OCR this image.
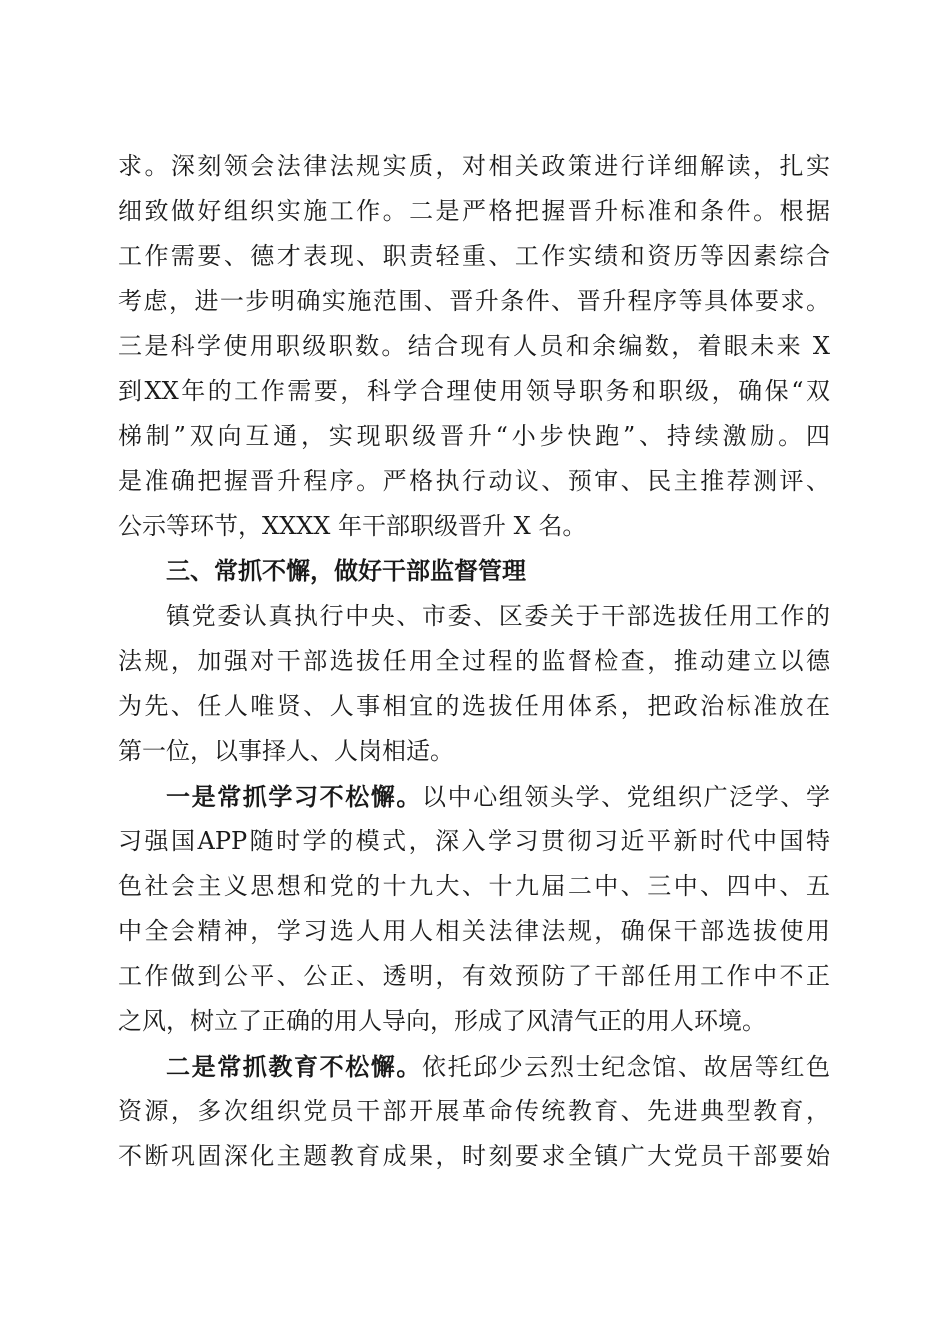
求。深刻领会法律法规实质，对相关政策进行详细解读，扎实
细致做好组织实施工作。二是严格把握晋升标准和条件。根据
工作需要、德才表现、职责轻重、工作实绩和资历等因素综合
考虑，进一步明确实施范围、晋升条件、晋升程序等具体要求。
三是科学使用职级职数。结合现有人员和余编数，着眼未来 X
到XX年的工作需要，科学合理使用领导职务和职级，确保“双
梯制”双向互通，实现职级晋升“小步快跑”、持续激励。四
是准确把握晋升程序。严格执行动议、预审、民主推荐测评、
公示等环节，XXXX 年干部职级晋升 X 名。
三、常抓不懈，做好干部监督管理
镇党委认真执行中央、市委、区委关于干部选拔任用工作的
法规，加强对干部选拔任用全过程的监督检查，推动建立以德
为先、任人唯贤、人事相宜的选拔任用体系，把政治标准放在
第一位，以事择人、人岗相适。
一是常抓学习不松懈。以中心组领头学、党组织广泛学、学
习强国APP随时学的模式，深入学习贯彻习近平新时代中国特
色社会主义思想和党的十九大、十九届二中、三中、四中、五
中全会精神，学习选人用人相关法律法规，确保干部选拔使用
工作做到公平、公正、透明，有效预防了干部任用工作中不正
之风，树立了正确的用人导向，形成了风清气正的用人环境。
二是常抓教育不松懈。依托邱少云烈士纪念馆、故居等红色
资源，多次组织党员干部开展革命传统教育、先进典型教育，
不断巩固深化主题教育成果，时刻要求全镇广大党员干部要始
